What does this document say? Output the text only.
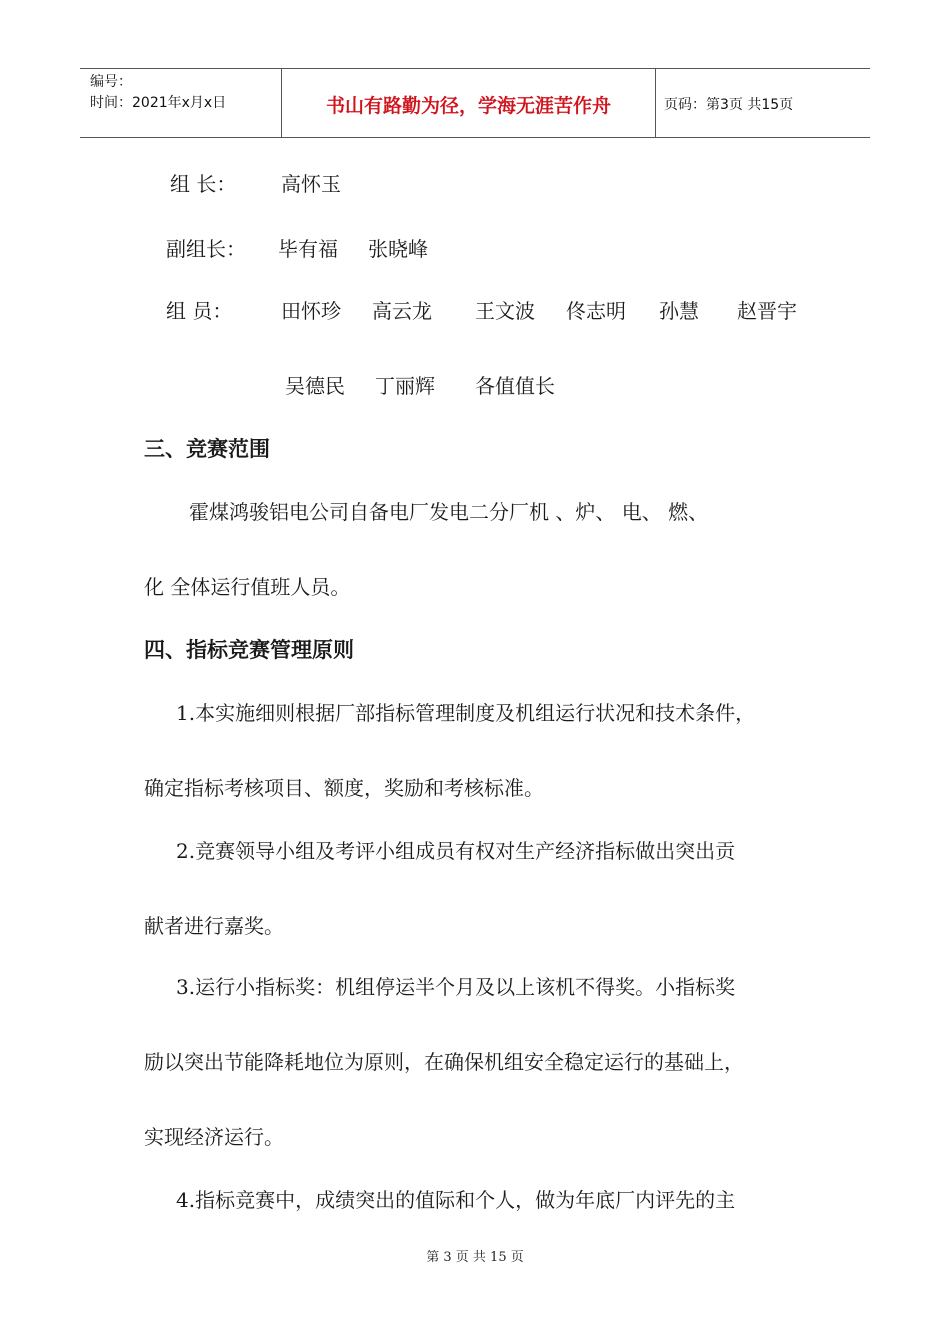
编号：
时间：2021年x月x日	书山有路勤为径，学海无涯苦作舟	页码：第3页 共15页
组 长： 高怀玉
副组长： 毕有福 张晓峰
组 员： 田怀珍 高云龙 王文波 佟志明 孙慧 赵晋宇
吴德民 丁丽辉 各值值长
三、竞赛范围
霍煤鸿骏铝电公司自备电厂发电二分厂机 、炉、 电、 燃、
化 全体运行值班人员。
四、指标竞赛管理原则
1.本实施细则根据厂部指标管理制度及机组运行状况和技术条件，
确定指标考核项目、额度，奖励和考核标准。
2.竞赛领导小组及考评小组成员有权对生产经济指标做出突出贡
献者进行嘉奖。
3.运行小指标奖：机组停运半个月及以上该机不得奖。小指标奖
励以突出节能降耗地位为原则，在确保机组安全稳定运行的基础上，
实现经济运行。
4.指标竞赛中，成绩突出的值际和个人，做为年底厂内评先的主
第 3 页 共 15 页
